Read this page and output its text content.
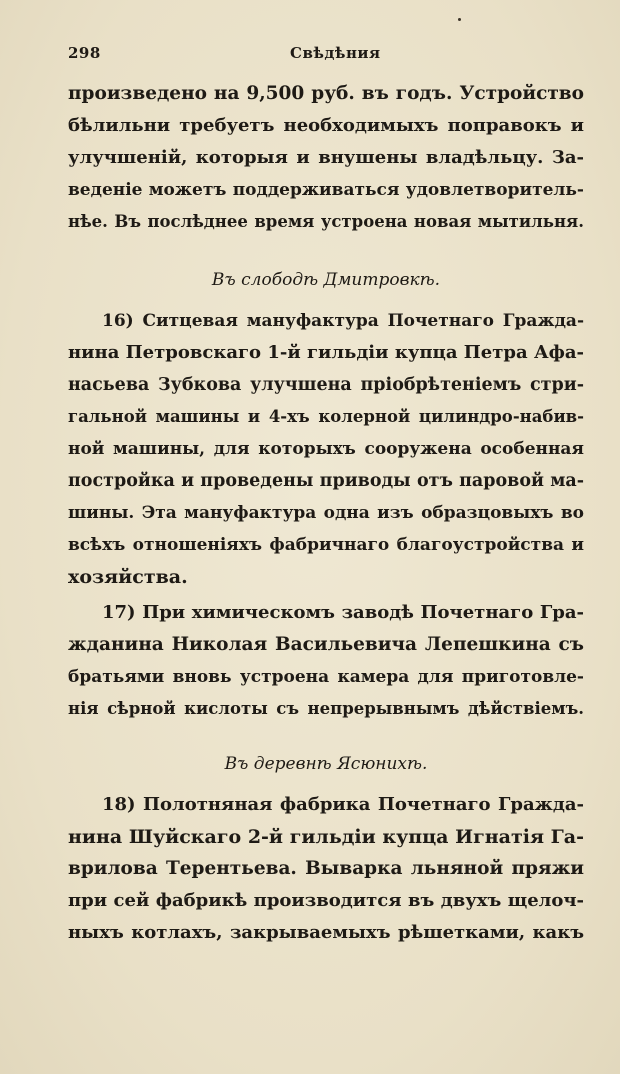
298	Свѣдѣния
произведено на 9,500 руб. въ годъ. Устройство
бѣлильни требуетъ необходимыхъ поправокъ и
улучшеній, которыя и внушены владѣльцу. За-
веденіе можетъ поддерживаться удовлетворитель-
нѣе. Въ послѣднее время устроена новая мытильня.
Въ слободѣ Дмитровкѣ.
16) Ситцевая мануфактура Почетнаго Гражда-
нина Петровскаго 1-й гильдіи купца Петра Афа-
насьева Зубкова улучшена пріобрѣтеніемъ стри-
гальной машины и 4-хъ колерной цилиндро-набив-
ной машины, для которыхъ сооружена особенная
постройка и проведены приводы отъ паровой ма-
шины. Эта мануфактура одна изъ образцовыхъ во
всѣхъ отношеніяхъ фабричнаго благоустройства и
хозяйства.
17) При химическомъ заводѣ Почетнаго Гра-
жданина Николая Васильевича Лепешкина съ
братьями вновь устроена камера для приготовле-
нія сѣрной кислоты съ непрерывнымъ дѣйствіемъ.
Въ деревнѣ Ясюнихѣ.
18) Полотняная фабрика Почетнаго Гражда-
нина Шуйскаго 2-й гильдіи купца Игнатія Га-
врилова Терентьева. Выварка льняной пряжи
при сей фабрикѣ производится въ двухъ щелоч-
ныхъ котлахъ, закрываемыхъ рѣшетками, какъ
